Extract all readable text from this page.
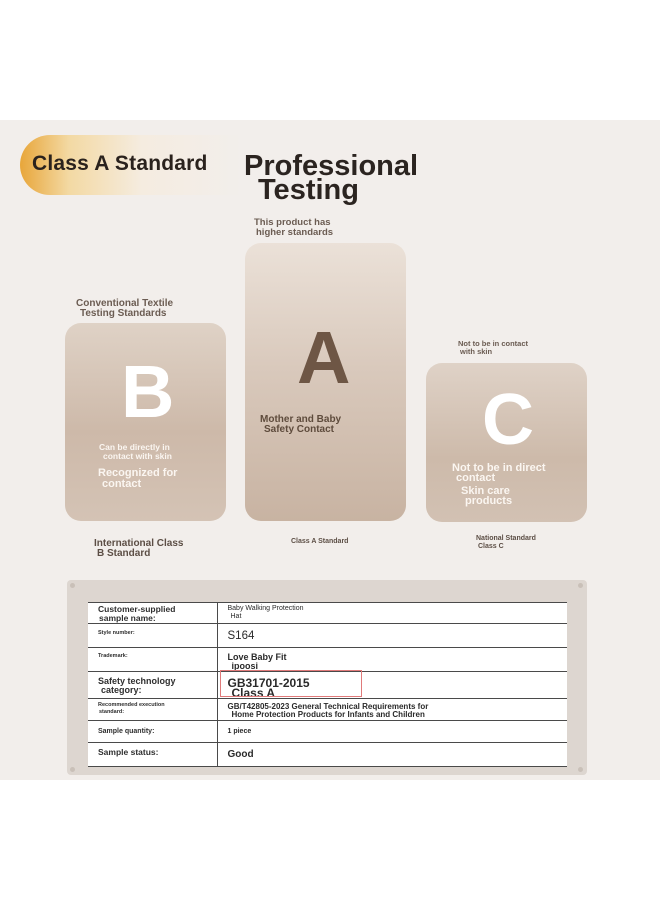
Class A Standard Professional
Testing
Conventional Textile
Testing Standards
This product has
higher standards
Not to be in contact
with skin
B
Can be directly in
contact with skin
Recognized for
contact
A
Mother and Baby
Safety Contact C
Not to be in direct
contact
Skin care
products
International Class
B Standard
Class A Standard	National Standard
Class C
Customer-supplied
sample name:	Baby Walking Protection
Hat

Style number:	S164

Trademark:	Love Baby Fit
ipoosi

Safety technology
category:	GB31701-2015
Class A

Recommended execution
standard:	GB/T42805-2023 General Technical Requirements for
Home Protection Products for Infants and Children

Sample quantity:	1 piece

Sample status:	Good
